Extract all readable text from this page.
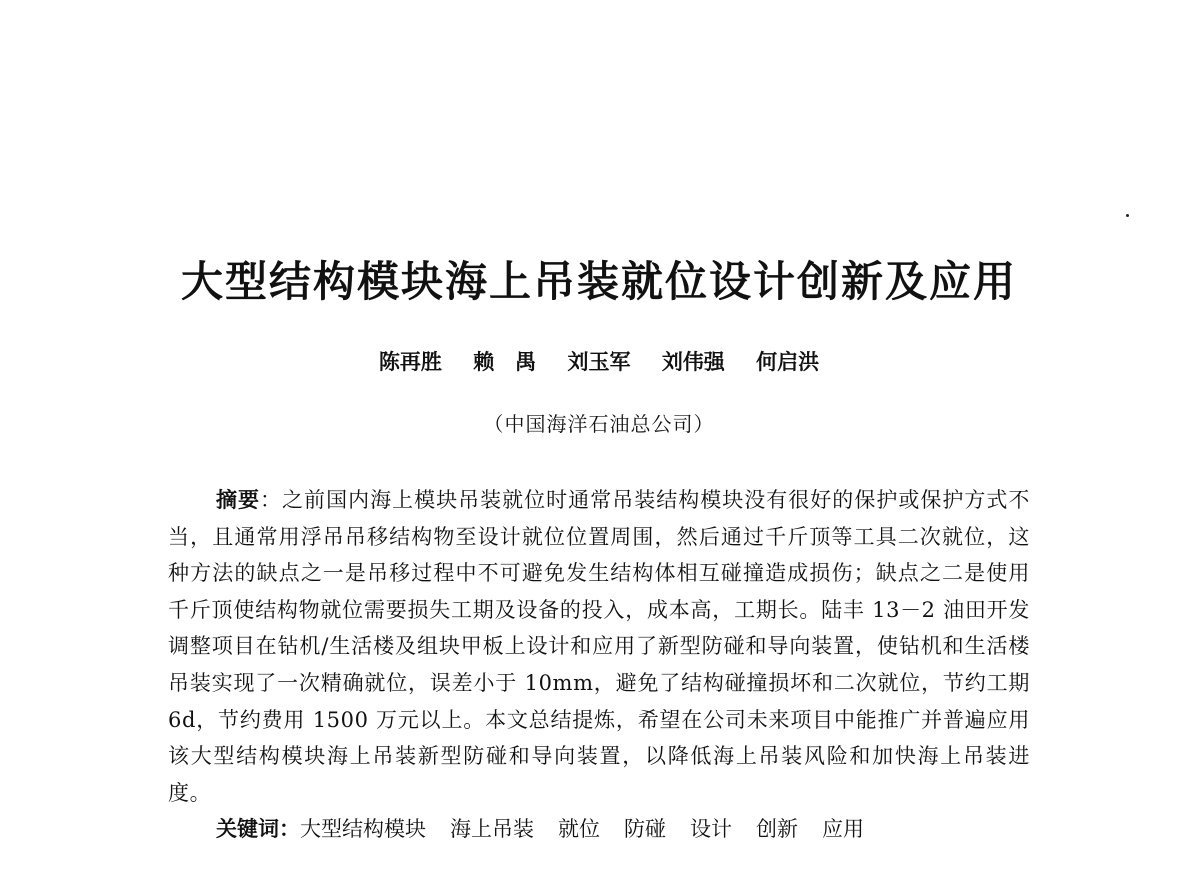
大型结构模块海上吊装就位设计创新及应用
陈再胜 赖　禺 刘玉军 刘伟强 何启洪
（中国海洋石油总公司）
摘要：之前国内海上模块吊装就位时通常吊装结构模块没有很好的保护或保护方式不当，且通常用浮吊吊移结构物至设计就位位置周围，然后通过千斤顶等工具二次就位，这种方法的缺点之一是吊移过程中不可避免发生结构体相互碰撞造成损伤；缺点之二是使用千斤顶使结构物就位需要损失工期及设备的投入，成本高，工期长。陆丰 13－2 油田开发调整项目在钻机/生活楼及组块甲板上设计和应用了新型防碰和导向装置，使钻机和生活楼吊装实现了一次精确就位，误差小于 10mm，避免了结构碰撞损坏和二次就位，节约工期 6d，节约费用 1500 万元以上。本文总结提炼，希望在公司未来项目中能推广并普遍应用该大型结构模块海上吊装新型防碰和导向装置，以降低海上吊装风险和加快海上吊装进度。
关键词：大型结构模块 海上吊装 就位 防碰 设计 创新 应用
